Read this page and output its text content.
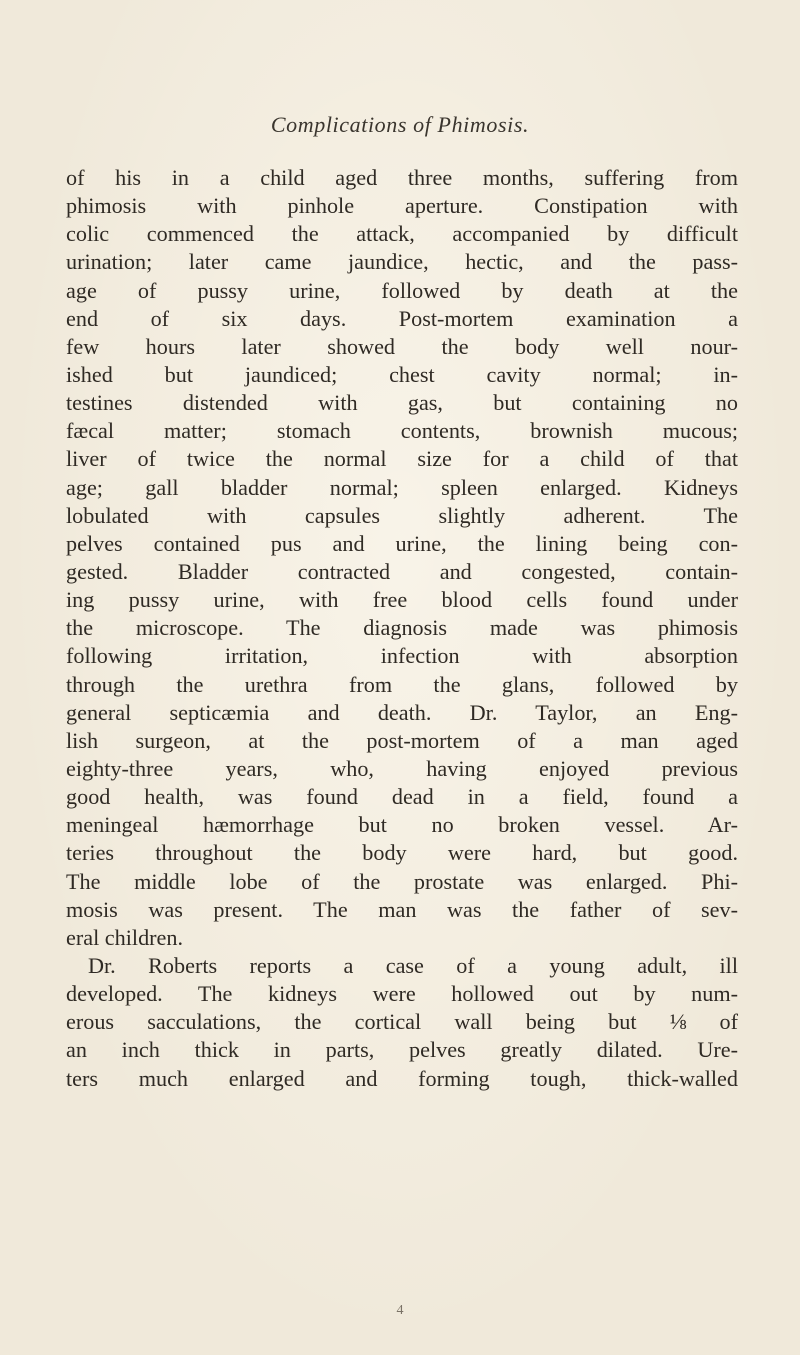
Complications of Phimosis.
of his in a child aged three months, suffering from
phimosis with pinhole aperture. Constipation with
colic commenced the attack, accompanied by difficult
urination; later came jaundice, hectic, and the pass-
age of pussy urine, followed by death at the
end of six days. Post-mortem examination a
few hours later showed the body well nour-
ished but jaundiced; chest cavity normal; in-
testines distended with gas, but containing no
fæcal matter; stomach contents, brownish mucous;
liver of twice the normal size for a child of that
age; gall bladder normal; spleen enlarged. Kidneys
lobulated with capsules slightly adherent. The
pelves contained pus and urine, the lining being con-
gested. Bladder contracted and congested, contain-
ing pussy urine, with free blood cells found under
the microscope. The diagnosis made was phimosis
following irritation, infection with absorption
through the urethra from the glans, followed by
general septicæmia and death. Dr. Taylor, an Eng-
lish surgeon, at the post-mortem of a man aged
eighty-three years, who, having enjoyed previous
good health, was found dead in a field, found a
meningeal hæmorrhage but no broken vessel. Ar-
teries throughout the body were hard, but good.
The middle lobe of the prostate was enlarged. Phi-
mosis was present. The man was the father of sev-
eral children.
Dr. Roberts reports a case of a young adult, ill
developed. The kidneys were hollowed out by num-
erous sacculations, the cortical wall being but ⅛ of
an inch thick in parts, pelves greatly dilated. Ure-
ters much enlarged and forming tough, thick-walled
4
